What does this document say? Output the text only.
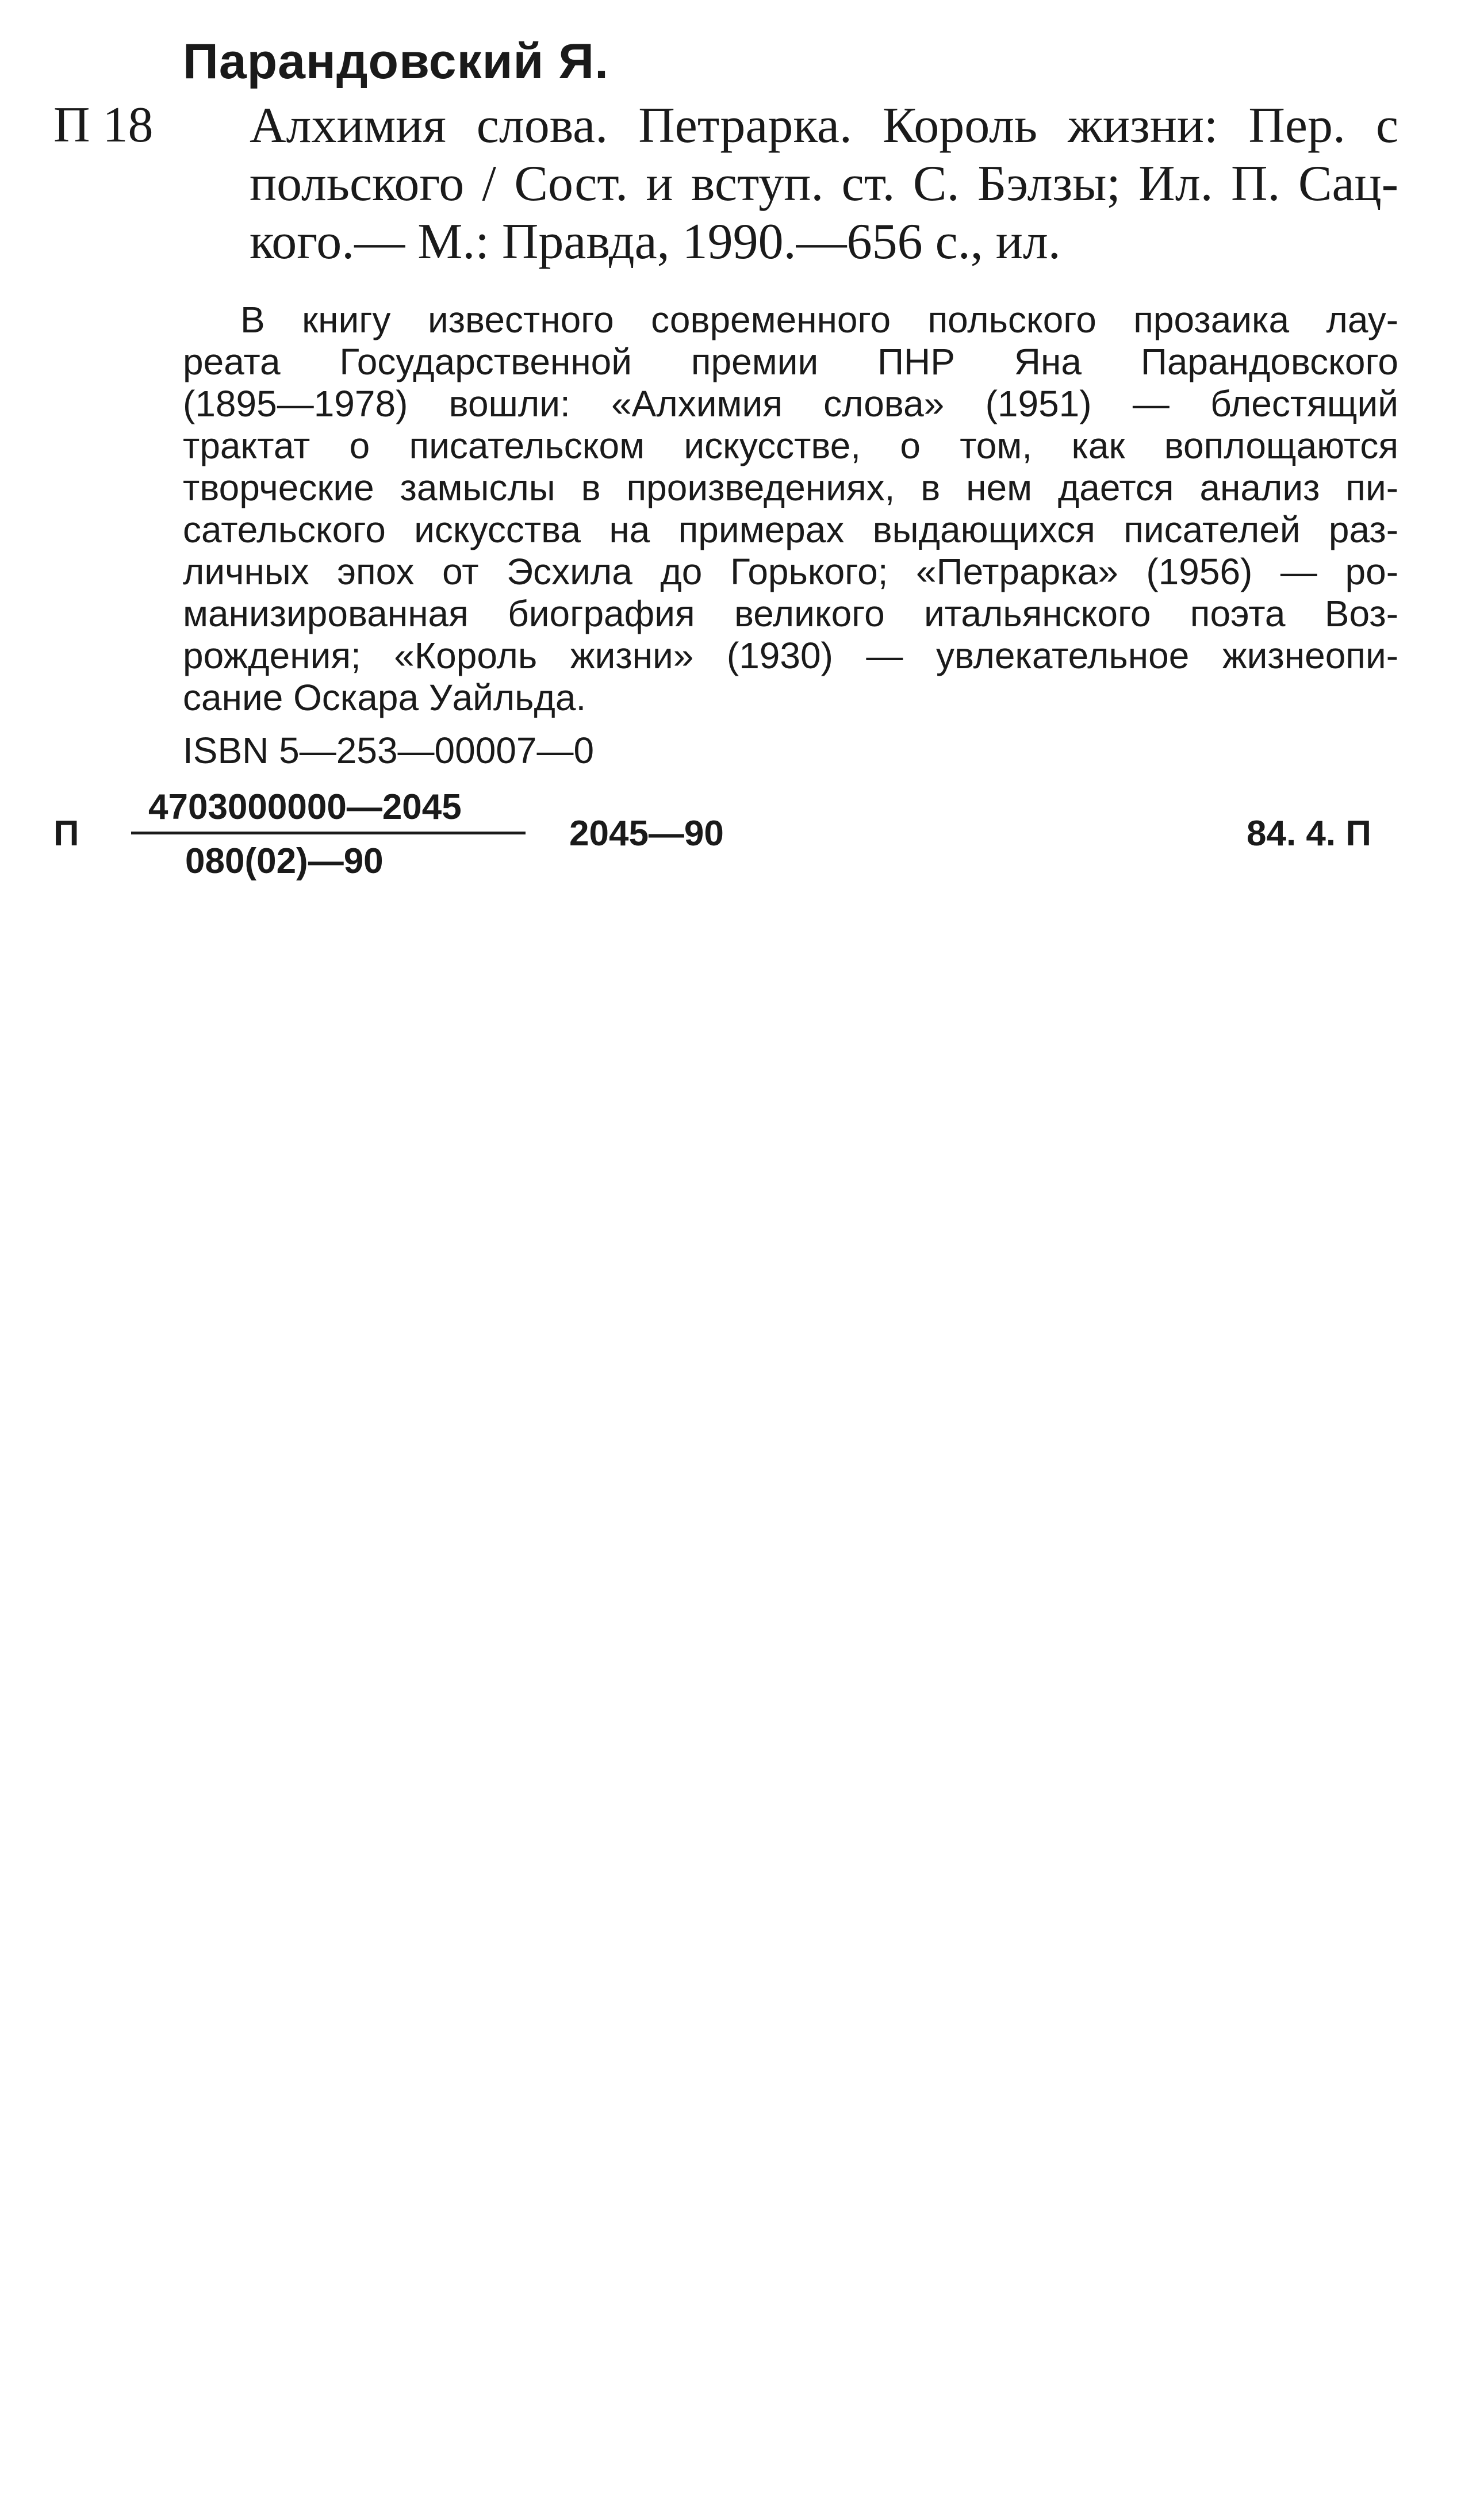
Парандовский Я.
П 18 Алхимия слова. Петрарка. Король жизни: Пер. с
польского / Сост. и вступ. ст. С. Бэлзы; Ил. П. Сац-
кого.— М.: Правда, 1990.—656 с., ил.
В книгу известного современного польского прозаика лау-
реата Государственной премии ПНР Яна Парандовского
(1895—1978) вошли: «Алхимия слова» (1951) — блестящий
трактат о писательском искусстве, о том, как воплощаются
творческие замыслы в произведениях, в нем дается анализ пи-
сательского искусства на примерах выдающихся писателей раз-
личных эпох от Эсхила до Горького; «Петрарка» (1956) — ро-
манизированная биография великого итальянского поэта Воз-
рождения; «Король жизни» (1930) — увлекательное жизнеопи-
сание Оскара Уайльда.
ISBN 5—253—00007—0
П
4703000000—2045
080(02)—90
2045—90	84. 4. П
